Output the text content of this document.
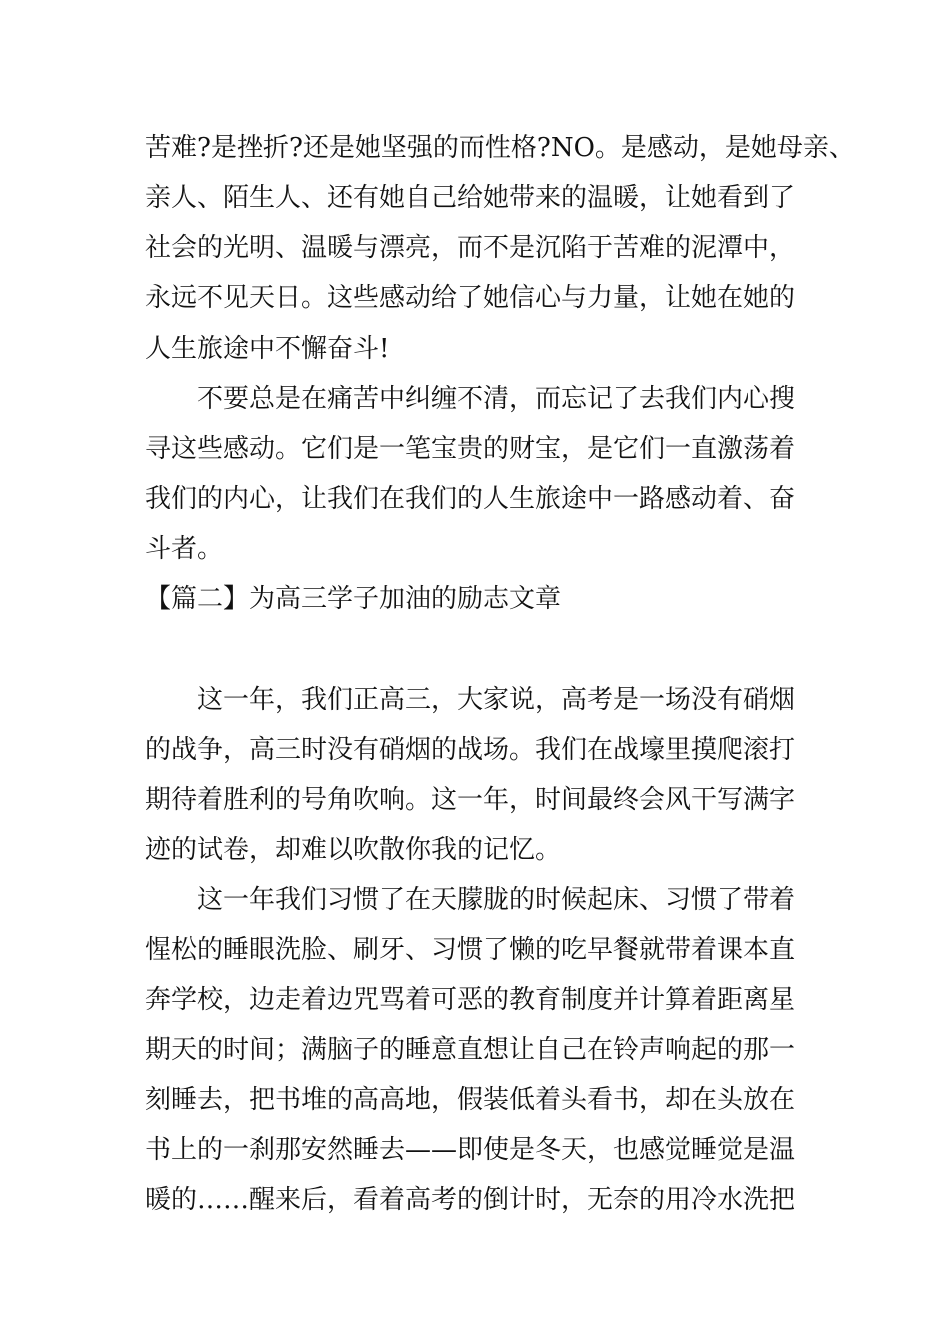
苦难?是挫折?还是她坚强的而性格?NO。是感动，是她母亲、
亲人、陌生人、还有她自己给她带来的温暖，让她看到了
社会的光明、温暖与漂亮，而不是沉陷于苦难的泥潭中，
永远不见天日。这些感动给了她信心与力量，让她在她的
人生旅途中不懈奋斗!
不要总是在痛苦中纠缠不清，而忘记了去我们内心搜
寻这些感动。它们是一笔宝贵的财宝，是它们一直激荡着
我们的内心，让我们在我们的人生旅途中一路感动着、奋
斗者。
【篇二】为高三学子加油的励志文章
这一年，我们正高三，大家说，高考是一场没有硝烟
的战争，高三时没有硝烟的战场。我们在战壕里摸爬滚打
期待着胜利的号角吹响。这一年，时间最终会风干写满字
迹的试卷，却难以吹散你我的记忆。
这一年我们习惯了在天朦胧的时候起床、习惯了带着
惺松的睡眼洗脸、刷牙、习惯了懒的吃早餐就带着课本直
奔学校，边走着边咒骂着可恶的教育制度并计算着距离星
期天的时间；满脑子的睡意直想让自己在铃声响起的那一
刻睡去，把书堆的高高地，假装低着头看书，却在头放在
书上的一刹那安然睡去——即使是冬天，也感觉睡觉是温
暖的……醒来后，看着高考的倒计时，无奈的用冷水洗把
